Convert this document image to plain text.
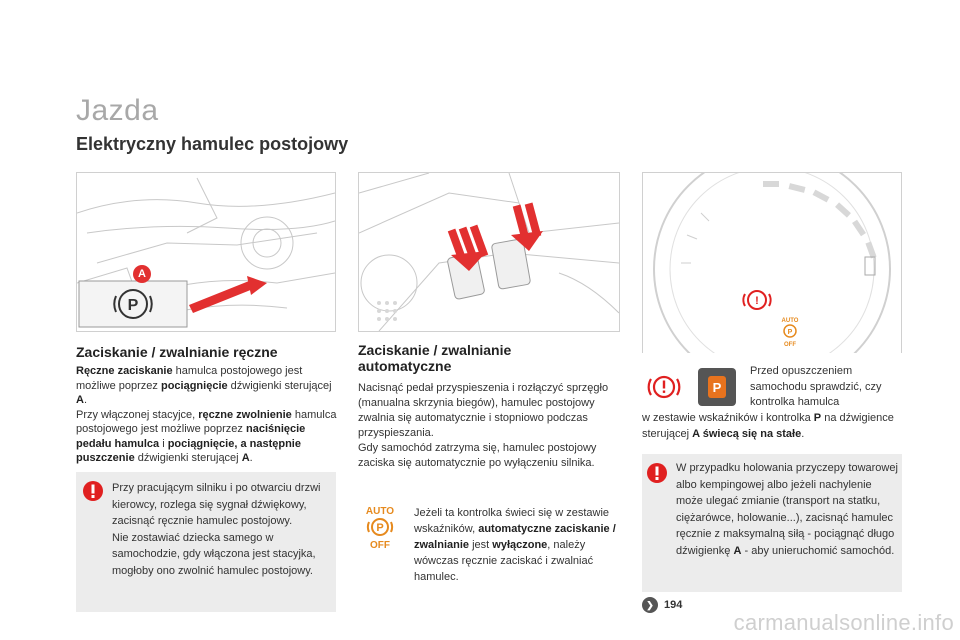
Jazda
Elektryczny hamulec postojowy
P
A
!
AUTO
P
OFF
Zaciskanie / zwalnianie ręczne
Ręczne zaciskanie hamulca postojowego jest możliwe poprzez pociągnięcie dźwigienki sterującej A.
Przy włączonej stacyjce, ręczne zwolnienie hamulca postojowego jest możliwe poprzez naciśnięcie pedału hamulca i pociągnięcie, a następnie puszczenie dźwigienki sterującej A.
Przy pracującym silniku i po otwarciu drzwi kierowcy, rozlega się sygnał dźwiękowy, zacisnąć ręcznie hamulec postojowy.
Nie zostawiać dziecka samego w samochodzie, gdy włączona jest stacyjka, mogłoby ono zwolnić hamulec postojowy.
Zaciskanie / zwalnianie automatyczne
Nacisnąć pedał przyspieszenia i rozłączyć sprzęgło (manualna skrzynia biegów), hamulec postojowy zwalnia się automatycznie i stopniowo podczas przyspieszania.
Gdy samochód zatrzyma się, hamulec postojowy zaciska się automatycznie po wyłączeniu silnika.
AUTO
P
OFF
Jeżeli ta kontrolka świeci się w zestawie wskaźników, automatyczne zaciskanie / zwalnianie jest wyłączone, należy wówczas ręcznie zaciskać i zwalniać hamulec.
P
Przed opuszczeniem samochodu sprawdzić, czy kontrolka hamulca
w zestawie wskaźników i kontrolka P na dźwigience sterującej A świecą się na stałe.
W przypadku holowania przyczepy towarowej albo kempingowej albo jeżeli nachylenie może ulegać zmianie (transport na statku, ciężarówce, holowanie...), zacisnąć hamulec ręcznie z maksymalną siłą - pociągnąć długo dźwigienkę A - aby unieruchomić samochód.
❯ 194
carmanualsonline.info
